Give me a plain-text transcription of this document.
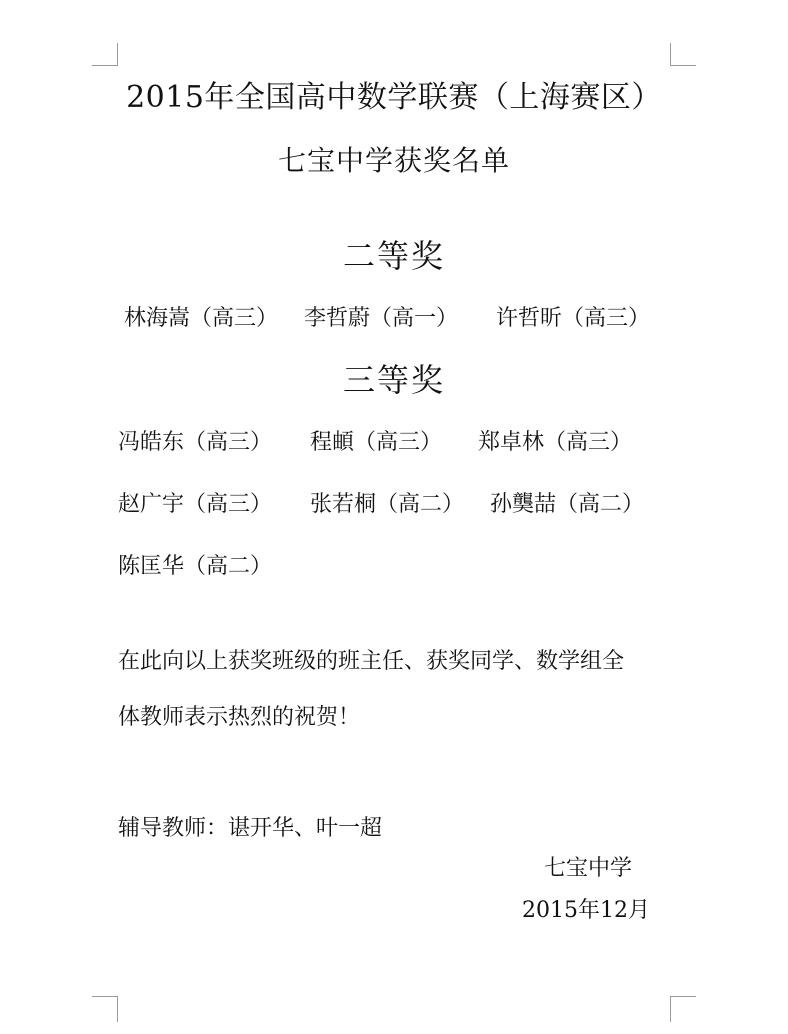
2015年全国高中数学联赛（上海赛区）
七宝中学获奖名单
二等奖
林海嵩（高三） 李哲蔚（高一） 许哲昕（高三）
三等奖
冯皓东（高三） 程頔（高三） 郑卓林（高三）
赵广宇（高三） 张若桐（高二） 孙龑喆（高二）
陈匡华（高二）
在此向以上获奖班级的班主任、获奖同学、数学组全
体教师表示热烈的祝贺！
辅导教师：谌开华、叶一超
七宝中学
2015年12月
